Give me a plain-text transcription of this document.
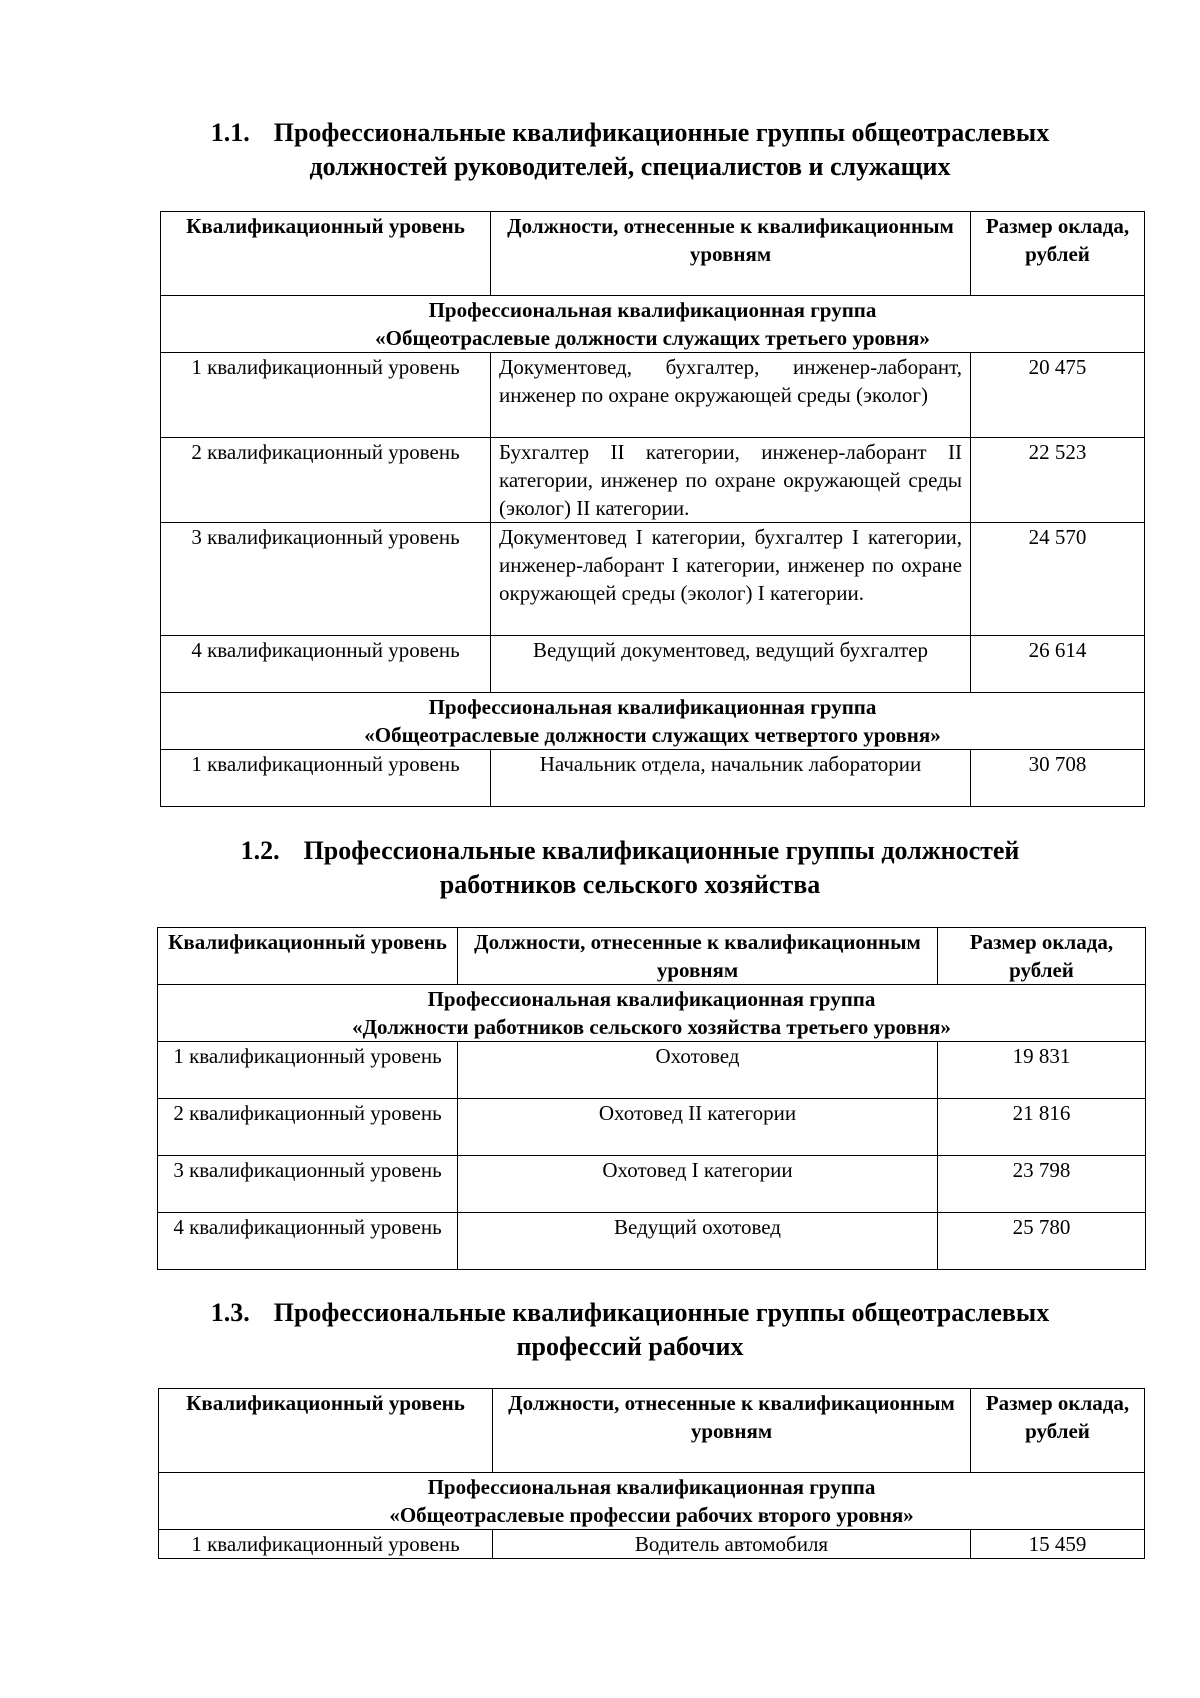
1.1. Профессиональные квалификационные группы общеотраслевых
должностей руководителей, специалистов и служащих
Квалификационный уровень	Должности, отнесенные к квалификационным уровням	Размер оклада, рублей

Профессиональная квалификационная группа
«Общеотраслевые должности служащих третьего уровня»		

1 квалификационный уровень	Документовед, бухгалтер, инженер-лаборант, инженер по охране окружающей среды (эколог)	20 475
2 квалификационный уровень	Бухгалтер II категории, инженер-лаборант II категории, инженер по охране окружающей среды (эколог) II категории.	22 523
3 квалификационный уровень	Документовед I категории, бухгалтер I категории, инженер-лаборант I категории, инженер по охране окружающей среды (эколог) I категории.	24 570
4 квалификационный уровень	Ведущий документовед, ведущий бухгалтер	26 614

Профессиональная квалификационная группа
«Общеотраслевые должности служащих четвертого уровня»		

1 квалификационный уровень	Начальник отдела, начальник лаборатории	30 708
1.2. Профессиональные квалификационные группы должностей
работников сельского хозяйства
Квалификационный уровень	Должности, отнесенные к квалификационным уровням	Размер оклада, рублей

Профессиональная квалификационная группа
«Должности работников сельского хозяйства третьего уровня»		

1 квалификационный уровень	Охотовед	19 831
2 квалификационный уровень	Охотовед II категории	21 816
3 квалификационный уровень	Охотовед I категории	23 798
4 квалификационный уровень	Ведущий охотовед	25 780
1.3. Профессиональные квалификационные группы общеотраслевых
профессий рабочих
Квалификационный уровень	Должности, отнесенные к квалификационным уровням	Размер оклада, рублей

Профессиональная квалификационная группа
«Общеотраслевые профессии рабочих второго уровня»		

1 квалификационный уровень	Водитель автомобиля	15 459
